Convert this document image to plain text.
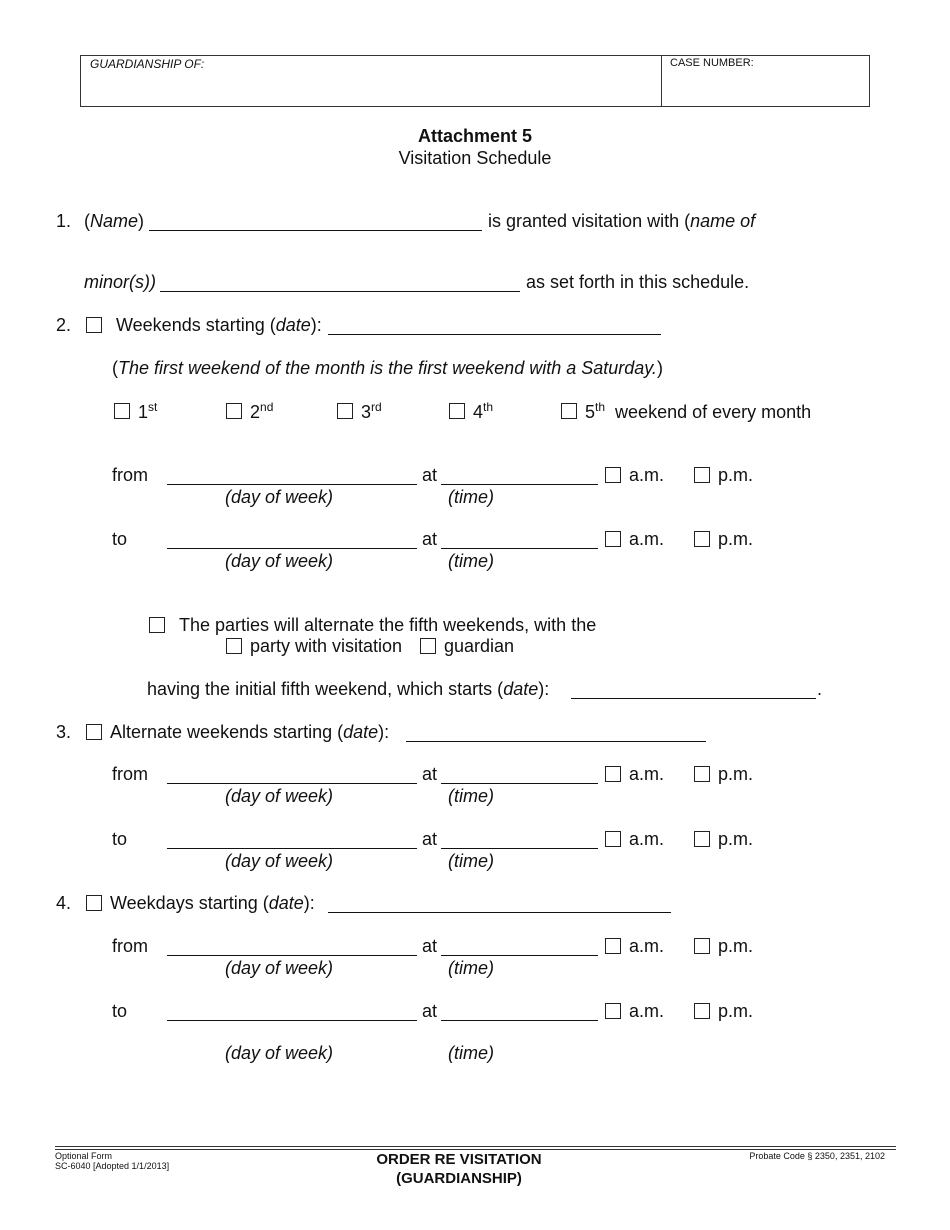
GUARDIANSHIP OF:	CASE NUMBER:
Attachment 5
Visitation Schedule
1. (Name)	is granted visitation with (name of
minor(s))	as set forth in this schedule.
2. Weekends starting (date):
(The first weekend of the month is the first weekend with a Saturday.)
1st	2nd	3rd	4th	5th weekend of every month
from	at	a.m.	p.m.
(day of week)	(time)
to	at	a.m.	p.m.
(day of week)	(time)
The parties will alternate the fifth weekends, with the
party with visitation guardian
having the initial fifth weekend, which starts (date):	.
3. Alternate weekends starting (date):
from	at	a.m.	p.m.
(day of week)	(time)
to	at	a.m.	p.m.
(day of week)	(time)
4. Weekdays starting (date):
from	at	a.m.	p.m.
(day of week)	(time)
to	at	a.m.	p.m.
(day of week)	(time)
Optional Form
SC-6040 [Adopted 1/1/2013]	ORDER RE VISITATION
(GUARDIANSHIP)
Probate Code § 2350, 2351, 2102
